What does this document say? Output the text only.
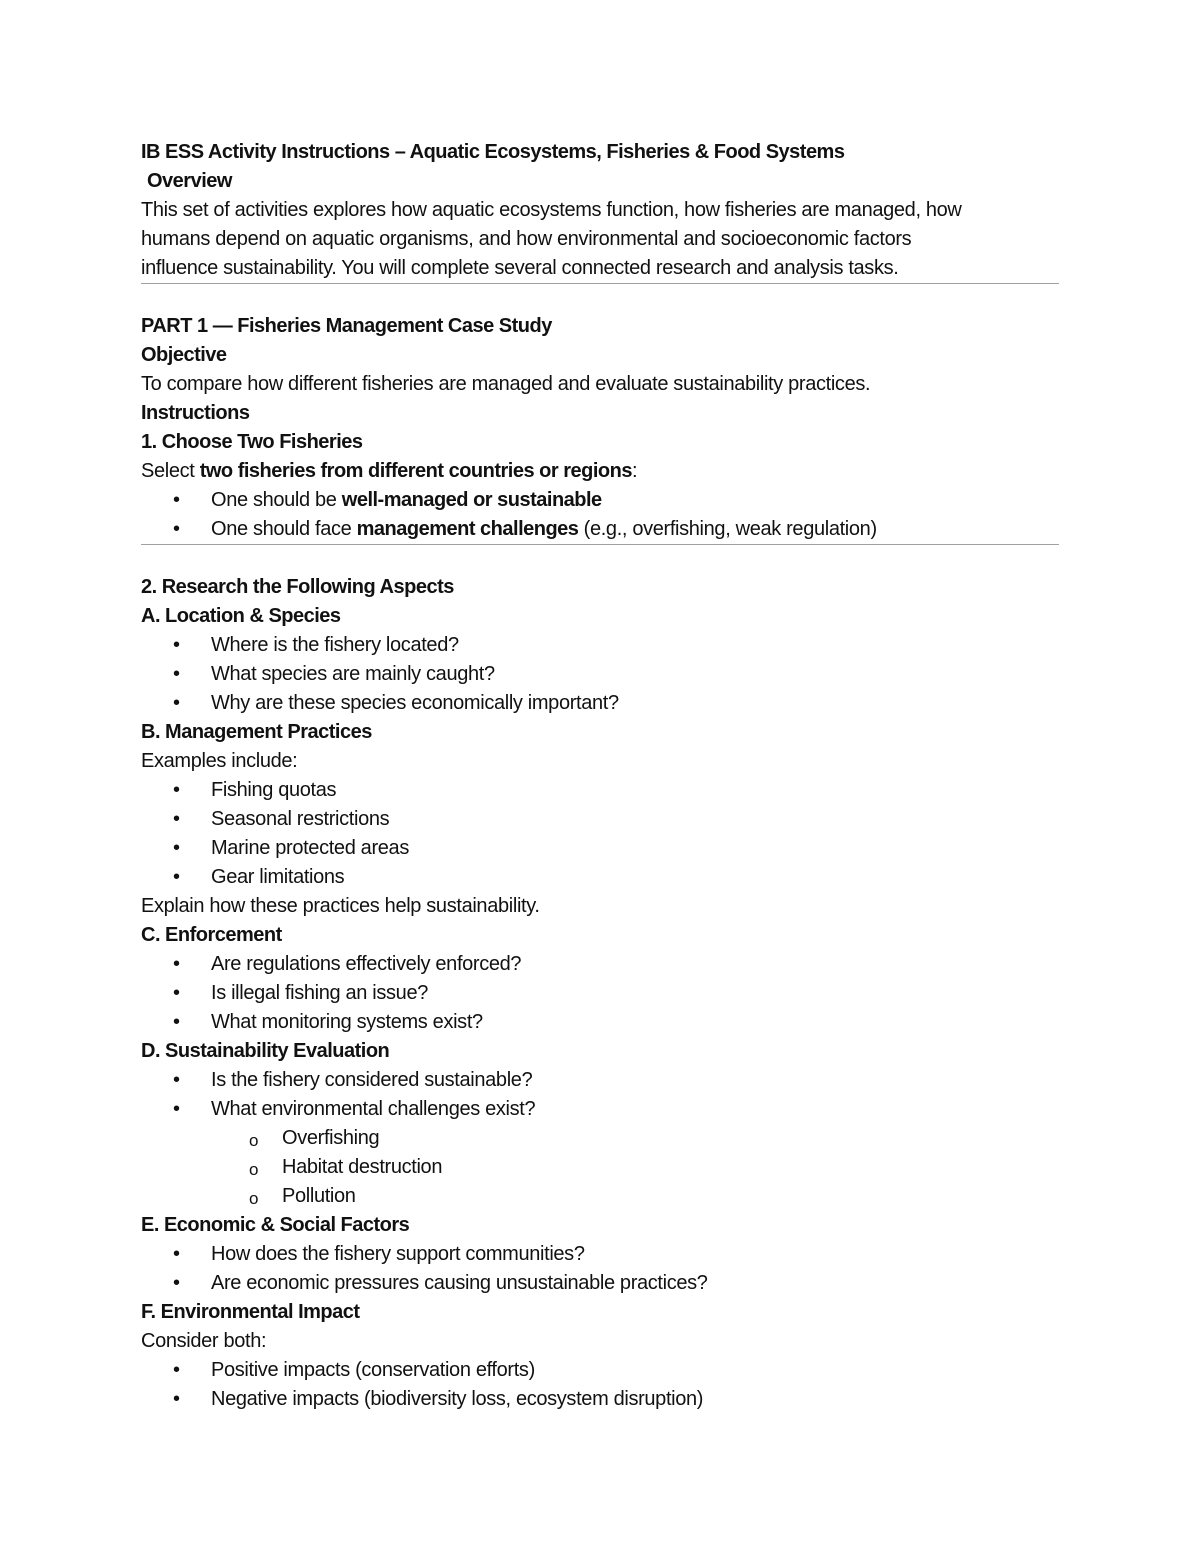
IB ESS Activity Instructions – Aquatic Ecosystems, Fisheries & Food Systems
Overview
This set of activities explores how aquatic ecosystems function, how fisheries are managed, how
humans depend on aquatic organisms, and how environmental and socioeconomic factors
influence sustainability. You will complete several connected research and analysis tasks.
PART 1 — Fisheries Management Case Study
Objective
To compare how different fisheries are managed and evaluate sustainability practices.
Instructions
1. Choose Two Fisheries
Select two fisheries from different countries or regions:
• One should be well-managed or sustainable
• One should face management challenges (e.g., overfishing, weak regulation)
2. Research the Following Aspects
A. Location & Species
• Where is the fishery located?
• What species are mainly caught?
• Why are these species economically important?
B. Management Practices
Examples include:
• Fishing quotas
• Seasonal restrictions
• Marine protected areas
• Gear limitations
Explain how these practices help sustainability.
C. Enforcement
• Are regulations effectively enforced?
• Is illegal fishing an issue?
• What monitoring systems exist?
D. Sustainability Evaluation
• Is the fishery considered sustainable?
• What environmental challenges exist?
o Overfishing
o Habitat destruction
o Pollution
E. Economic & Social Factors
• How does the fishery support communities?
• Are economic pressures causing unsustainable practices?
F. Environmental Impact
Consider both:
• Positive impacts (conservation efforts)
• Negative impacts (biodiversity loss, ecosystem disruption)
